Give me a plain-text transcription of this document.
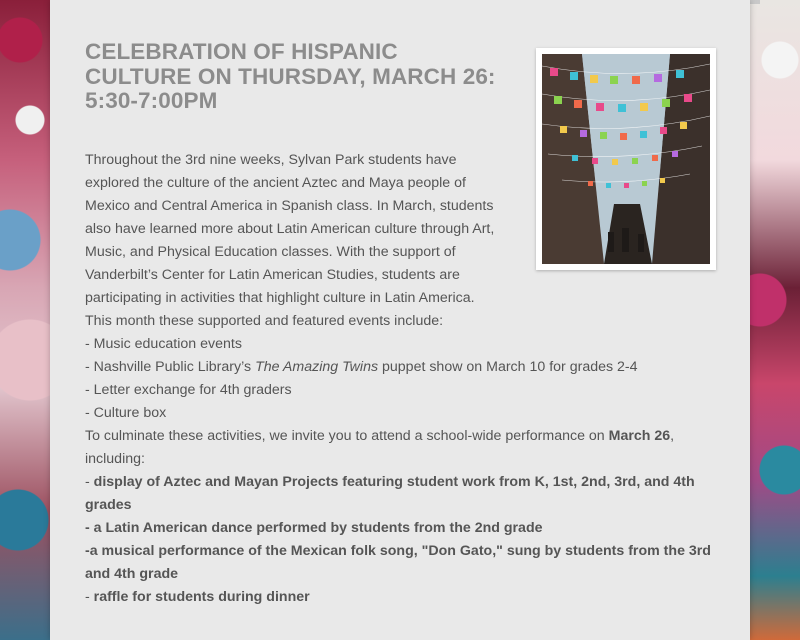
CELEBRATION OF HISPANIC CULTURE ON THURSDAY, MARCH 26: 5:30-7:00PM

Throughout the 3rd nine weeks, Sylvan Park students have explored the culture of the ancient Aztec and Maya people of Mexico and Central America in Spanish class. In March, students also have learned more about Latin American culture through Art, Music, and Physical Education classes. With the support of Vanderbilt’s Center for Latin American Studies, students are participating in activities that highlight culture in Latin America. This month these supported and featured events include:

- Music education events

- Nashville Public Library’s The Amazing Twins puppet show on March 10 for grades 2-4

- Letter exchange for 4th graders

- Culture box

To culminate these activities, we invite you to attend a school-wide performance on March 26, including:

- display of Aztec and Mayan Projects featuring student work from K, 1st, 2nd, 3rd, and 4th grades

- a Latin American dance performed by students from the 2nd grade

-a musical performance of the Mexican folk song, "Don Gato," sung by students from the 3rd and 4th grade

- raffle for students during dinner
